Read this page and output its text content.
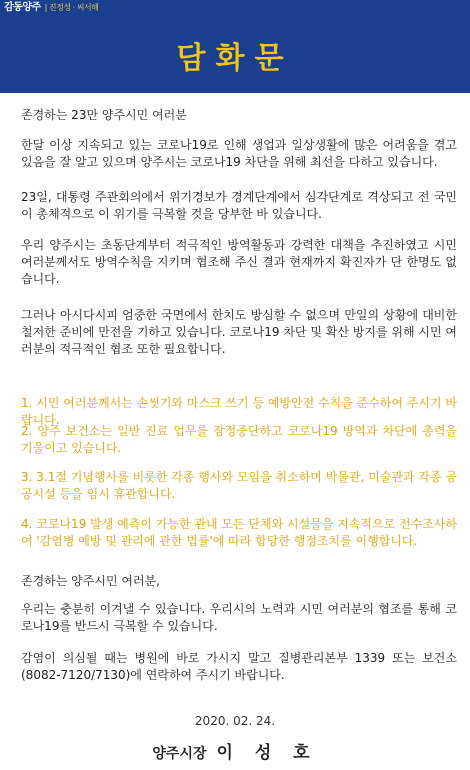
감동양주 | 진정성 · 씨서해
담화문
존경하는 23만 양주시민 여러분
한달 이상 지속되고 있는 코로나19로 인해 생업과 일상생활에 많은 어려움을 겪고 있음을 잘 알고 있으며 양주시는 코로나19 차단을 위해 최선을 다하고 있습니다.
23일, 대통령 주관회의에서 위기경보가 경계단계에서 심각단계로 격상되고 전 국민이 총체적으로 이 위기를 극복할 것을 당부한 바 있습니다.
우리 양주시는 초동단계부터 적극적인 방역활동과 강력한 대책을 추진하였고 시민 여러분께서도 방역수칙을 지키며 협조해 주신 결과 현재까지 확진자가 단 한명도 없습니다.
그러나 아시다시피 엄중한 국면에서 한치도 방심할 수 없으며 만일의 상황에 대비한 철저한 준비에 만전을 기하고 있습니다. 코로나19 차단 및 확산 방지를 위해 시민 여러분의 적극적인 협조 또한 필요합니다.
1. 시민 여러분께서는 손씻기와 마스크 쓰기 등 예방안전 수칙을 준수하여 주시기 바랍니다.
2. 양주 보건소는 일반 진료 업무를 잠정중단하고 코로나19 방역과 차단에 총력을 기울이고 있습니다.
3. 3.1절 기념행사를 비롯한 각종 행사와 모임을 취소하며 박물관, 미술관과 각종 공공시설 등을 임시 휴관합니다.
4. 코로나19 발생 예측이 가능한 관내 모든 단체와 시설물을 지속적으로 전수조사하여 '감염병 예방 및 관리에 관한 법률'에 따라 합당한 행정조치를 이행합니다.
존경하는 양주시민 여러분,
우리는 충분히 이겨낼 수 있습니다. 우리시의 노력과 시민 여러분의 협조를 통해 코로나19를 반드시 극복할 수 있습니다.
감염이 의심될 때는 병원에 바로 가시지 말고 질병관리본부 1339 또는 보건소(8082-7120/7130)에 연락하여 주시기 바랍니다.
2020. 02. 24.
양주시장 이 성 호
